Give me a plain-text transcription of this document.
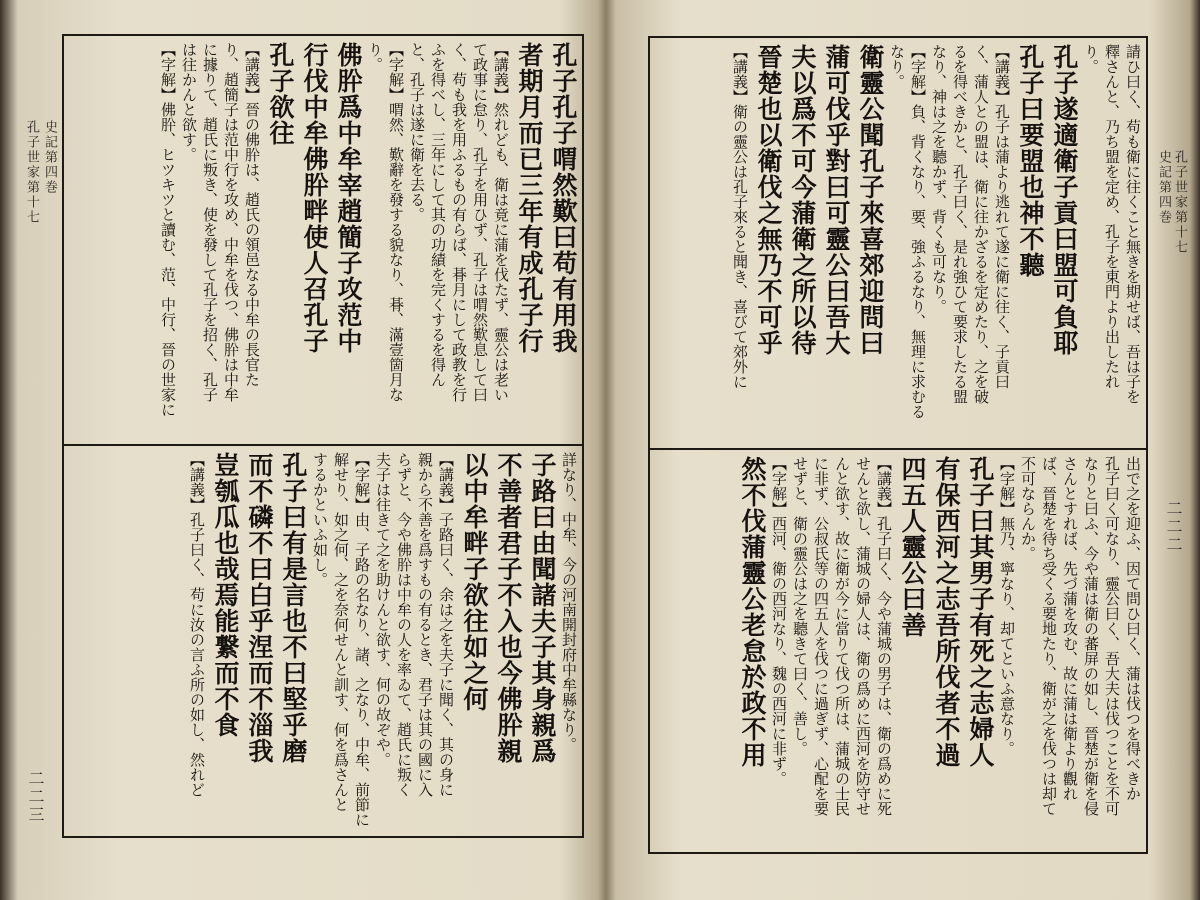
史記第四巻
孔子世家第十七
二二三
孔子孔子喟然歎曰苟有用我
者期月而已三年有成孔子行
【講義】然れども、衛は竟に蒲を伐たず、靈公は老い
て政事に怠り、孔子を用ひず、孔子は喟然歎息して曰
く、苟も我を用ふるもの有らば、朞月にして政教を行
ふを得べし、三年にして其の功績を完くするを得ん
と、孔子は遂に衛を去る。
【字解】喟然、歎辭を發する貌なり、朞、滿壹箇月な
り。
佛肸爲中牟宰趙簡子攻范中
行伐中牟佛肸畔使人召孔子
孔子欲往
【講義】晉の佛肸は、趙氏の領邑なる中牟の長官た
り、趙簡子は范中行を攻め、中牟を伐つ、佛肸は中牟
に據りて、趙氏に叛き、使を發して孔子を招く、孔子
は往かんと欲す。
【字解】佛肸、ヒツキツと讀む、范、中行、晉の世家に
詳なり、中牟、今の河南開封府中牟縣なり。
子路曰由聞諸夫子其身親爲
不善者君子不入也今佛肸親
以中牟畔子欲往如之何
【講義】子路曰く、余は之を夫子に聞く、其の身に
親から不善を爲すもの有るとき、君子は其の國に入
らずと、今や佛肸は中牟の人を率ゐて、趙氏に叛く
夫子は往きて之を助けんと欲す、何の故ぞや。
【字解】由、子路の名なり、諸、之なり、中牟、前節に
解せり、如之何、之を奈何せんと訓す、何を爲さんと
するかといふ如し。
孔子曰有是言也不曰堅乎磨
而不磷不曰白乎涅而不淄我
豈瓠瓜也哉焉能繋而不食
【講義】孔子曰く、苟に汝の言ふ所の如し、然れど
史記第四巻 孔子世家第十七
二二二
請ひ曰く、苟も衛に往くこと無きを期せば、吾は子を
釋さんと、乃ち盟を定め、孔子を東門より出したれ
り。
孔子遂適衛子貢曰盟可負耶
孔子曰要盟也神不聽
【講義】孔子は蒲より逃れて遂に衛に往く、子貢曰
く、蒲人との盟は、衛に往かざるを定めたり、之を破
るを得べきかと、孔子曰く、是れ強ひて要求したる盟
なり、神は之を聽かず、背くも可なり。
【字解】負、背くなり、要、強ふるなり、無理に求むる
なり。
衛靈公聞孔子來喜郊迎問曰
蒲可伐乎對曰可靈公曰吾大
夫以爲不可今蒲衛之所以待
晉楚也以衛伐之無乃不可乎
【講義】衛の靈公は孔子來ると聞き、喜びて郊外に
出で之を迎ふ、因て問ひ曰く、蒲は伐つを得べきか
孔子曰く可なり、靈公曰く、吾大夫は伐つことを不可
なりと曰ふ、今や蒲は衛の蕃屏の如し、晉楚が衛を侵
さんとすれば、先づ蒲を攻む、故に蒲は衛より觀れ
ば、晉楚を待ち受くる要地たり、衛が之を伐つは却て
不可ならんか。
【字解】無乃、寧なり、却てといふ意なり。
孔子曰其男子有死之志婦人
有保西河之志吾所伐者不過
四五人靈公曰善
【講義】孔子曰く、今や蒲城の男子は、衛の爲めに死
せんと欲し、蒲城の婦人は、衛の爲めに西河を防守せ
んと欲す、故に衛が今に當りて伐つ所は、蒲城の士民
に非ず、公叔氏等の四五人を伐つに過ぎず、心配を要
せずと、衛の靈公は之を聽きて曰く、善し。
【字解】西河、衛の西河なり、魏の西河に非ず。
然不伐蒲靈公老怠於政不用
